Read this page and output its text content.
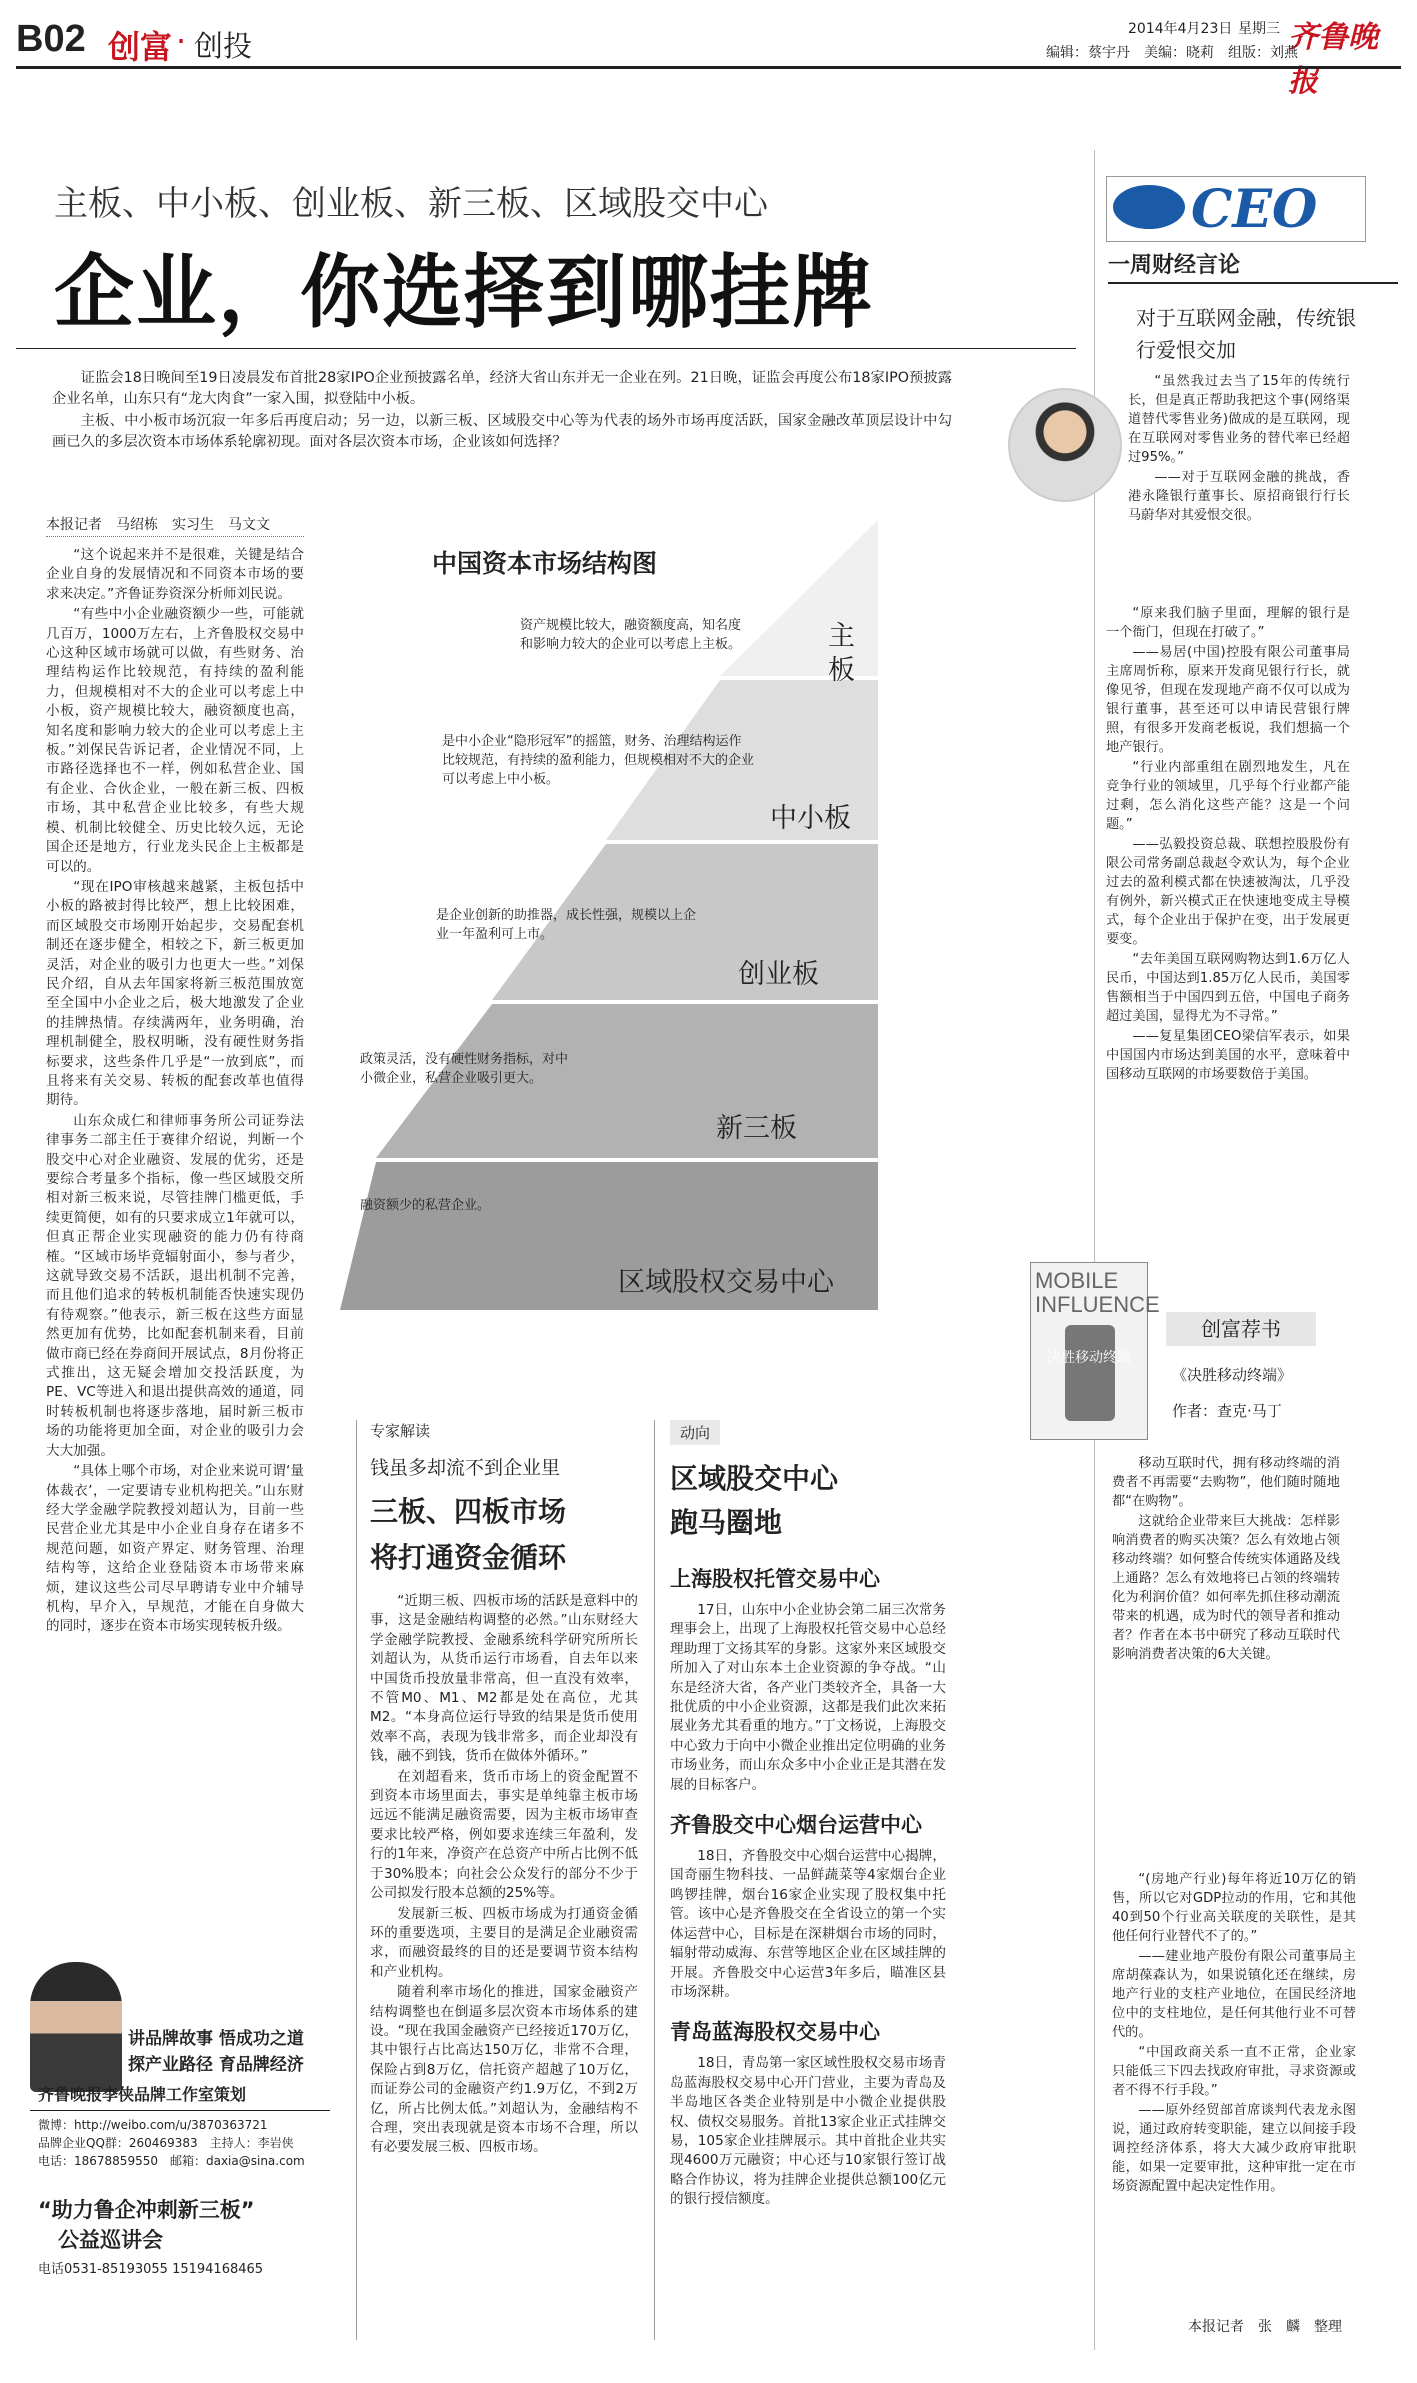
B02 创富 · 创投	2014年4月23日 星期三 齐鲁晚报
编辑：蔡宇丹　美编：晓莉　组版：刘燕
主板、中小板、创业板、新三板、区域股交中心
企业，你选择到哪挂牌

证监会18日晚间至19日凌晨发布首批28家IPO企业预披露名单，经济大省山东并无一企业在列。21日晚，证监会再度公布18家IPO预披露企业名单，山东只有“龙大肉食”一家入围，拟登陆中小板。

主板、中小板市场沉寂一年多后再度启动；另一边，以新三板、区域股交中心等为代表的场外市场再度活跃，国家金融改革顶层设计中勾画已久的多层次资本市场体系轮廓初现。面对各层次资本市场，企业该如何选择？

本报记者　马绍栋　实习生　马文文

“这个说起来并不是很难，关键是结合企业自身的发展情况和不同资本市场的要求来决定。”齐鲁证券资深分析师刘民说。

“有些中小企业融资额少一些，可能就几百万，1000万左右，上齐鲁股权交易中心这种区域市场就可以做，有些财务、治理结构运作比较规范，有持续的盈利能力，但规模相对不大的企业可以考虑上中小板，资产规模比较大，融资额度也高，知名度和影响力较大的企业可以考虑上主板。”刘保民告诉记者，企业情况不同，上市路径选择也不一样，例如私营企业、国有企业、合伙企业，一般在新三板、四板市场，其中私营企业比较多，有些大规模、机制比较健全、历史比较久远，无论国企还是地方，行业龙头民企上主板都是可以的。

“现在IPO审核越来越紧，主板包括中小板的路被封得比较严，想上比较困难，而区域股交市场刚开始起步，交易配套机制还在逐步健全，相较之下，新三板更加灵活，对企业的吸引力也更大一些。”刘保民介绍，自从去年国家将新三板范围放宽至全国中小企业之后，极大地激发了企业的挂牌热情。存续满两年，业务明确，治理机制健全，股权明晰，没有硬性财务指标要求，这些条件几乎是“一放到底”，而且将来有关交易、转板的配套改革也值得期待。

山东众成仁和律师事务所公司证券法律事务二部主任于赛律介绍说，判断一个股交中心对企业融资、发展的优劣，还是要综合考量多个指标，像一些区域股交所相对新三板来说，尽管挂牌门槛更低，手续更简便，如有的只要求成立1年就可以，但真正帮企业实现融资的能力仍有待商榷。“区域市场毕竟辐射面小，参与者少，这就导致交易不活跃，退出机制不完善，而且他们追求的转板机制能否快速实现仍有待观察。”他表示，新三板在这些方面显然更加有优势，比如配套机制来看，目前做市商已经在券商间开展试点，8月份将正式推出，这无疑会增加交投活跃度，为PE、VC等进入和退出提供高效的通道，同时转板机制也将逐步落地，届时新三板市场的功能将更加全面，对企业的吸引力会大大加强。

“具体上哪个市场，对企业来说可谓‘量体裁衣’，一定要请专业机构把关。”山东财经大学金融学院教授刘超认为，目前一些民营企业尤其是中小企业自身存在诸多不规范问题，如资产界定、财务管理、治理结构等，这给企业登陆资本市场带来麻烦，建议这些公司尽早聘请专业中介辅导机构，早介入，早规范，才能在自身做大的同时，逐步在资本市场实现转板升级。

中国资本市场结构图
资产规模比较大，融资额度高，知名度和影响力较大的企业可以考虑上主板。	主板
是中小企业“隐形冠军”的摇篮，财务、治理结构运作比较规范，有持续的盈利能力，但规模相对不大的企业可以考虑上中小板。
中小板
是企业创新的助推器，成长性强，规模以上企业一年盈利可上市。
创业板
政策灵活，没有硬性财务指标，对中小微企业，私营企业吸引更大。
新三板
融资额少的私营企业。
区域股权交易中心
专家解读
钱虽多却流不到企业里
三板、四板市场
将打通资金循环

“近期三板、四板市场的活跃是意料中的事，这是金融结构调整的必然。”山东财经大学金融学院教授、金融系统科学研究所所长刘超认为，从货币运行市场看，自去年以来中国货币投放量非常高，但一直没有效率，不管M0、M1、M2都是处在高位，尤其M2。“本身高位运行导致的结果是货币使用效率不高，表现为钱非常多，而企业却没有钱，融不到钱，货币在做体外循环。”

在刘超看来，货币市场上的资金配置不到资本市场里面去，事实是单纯靠主板市场远远不能满足融资需要，因为主板市场审查要求比较严格，例如要求连续三年盈利，发行的1年来，净资产在总资产中所占比例不低于30%股本；向社会公众发行的部分不少于公司拟发行股本总额的25%等。

发展新三板、四板市场成为打通资金循环的重要选项，主要目的是满足企业融资需求，而融资最终的目的还是要调节资本结构和产业机构。

随着利率市场化的推进，国家金融资产结构调整也在倒逼多层次资本市场体系的建设。“现在我国金融资产已经接近170万亿，其中银行占比高达150万亿，非常不合理，保险占到8万亿，信托资产超越了10万亿，而证券公司的金融资产约1.9万亿，不到2万亿，所占比例太低。”刘超认为，金融结构不合理，突出表现就是资本市场不合理，所以有必要发展三板、四板市场。

动向
区域股交中心
跑马圈地
上海股权托管交易中心

17日，山东中小企业协会第二届三次常务理事会上，出现了上海股权托管交易中心总经理助理丁文扬其军的身影。这家外来区域股交所加入了对山东本土企业资源的争夺战。“山东是经济大省，各产业门类较齐全，具备一大批优质的中小企业资源，这都是我们此次来拓展业务尤其看重的地方。”丁文杨说，上海股交中心致力于向中小微企业推出定位明确的业务市场业务，而山东众多中小企业正是其潜在发展的目标客户。

齐鲁股交中心烟台运营中心

18日，齐鲁股交中心烟台运营中心揭牌，国奇丽生物科技、一品鲜蔬菜等4家烟台企业鸣锣挂牌，烟台16家企业实现了股权集中托管。该中心是齐鲁股交在全省设立的第一个实体运营中心，目标是在深耕烟台市场的同时，辐射带动威海、东营等地区企业在区域挂牌的开展。齐鲁股交中心运营3年多后，瞄准区县市场深耕。

青岛蓝海股权交易中心

18日，青岛第一家区域性股权交易市场青岛蓝海股权交易中心开门营业，主要为青岛及半岛地区各类企业特别是中小微企业提供股权、债权交易服务。首批13家企业正式挂牌交易，105家企业挂牌展示。其中首批企业共实现4600万元融资；中心还与10家银行签订战略合作协议，将为挂牌企业提供总额100亿元的银行授信额度。

CEO
一周财经言论
对于互联网金融，传统银行爱恨交加

“虽然我过去当了15年的传统行长，但是真正帮助我把这个事(网络渠道替代零售业务)做成的是互联网，现在互联网对零售业务的替代率已经超过95%。”

——对于互联网金融的挑战，香港永隆银行董事长、原招商银行行长马蔚华对其爱恨交很。

“原来我们脑子里面，理解的银行是一个衙门，但现在打破了。”

——易居(中国)控股有限公司董事局主席周忻称，原来开发商见银行行长，就像见爷，但现在发现地产商不仅可以成为银行董事，甚至还可以申请民营银行牌照，有很多开发商老板说，我们想搞一个地产银行。

“行业内部重组在剧烈地发生，凡在竞争行业的领域里，几乎每个行业都产能过剩，怎么消化这些产能？这是一个问题。”

——弘毅投资总裁、联想控股股份有限公司常务副总裁赵令欢认为，每个企业过去的盈利模式都在快速被淘汰，几乎没有例外，新兴模式正在快速地变成主导模式，每个企业出于保护在变，出于发展更要变。

“去年美国互联网购物达到1.6万亿人民币，中国达到1.85万亿人民币，美国零售额相当于中国四到五倍，中国电子商务超过美国，显得尤为不寻常。”

——复星集团CEO梁信军表示，如果中国国内市场达到美国的水平，意味着中国移动互联网的市场要数倍于美国。

MOBILE INFLUENCE
决胜移动终端
创富荐书
《决胜移动终端》
作者：查克·马丁

移动互联时代，拥有移动终端的消费者不再需要“去购物”，他们随时随地都“在购物”。

这就给企业带来巨大挑战：怎样影响消费者的购买决策？怎么有效地占领移动终端？如何整合传统实体通路及线上通路？怎么有效地将已占领的终端转化为利润价值？如何率先抓住移动潮流带来的机遇，成为时代的领导者和推动者？作者在本书中研究了移动互联时代影响消费者决策的6大关键。

“(房地产行业)每年将近10万亿的销售，所以它对GDP拉动的作用，它和其他40到50个行业高关联度的关联性，是其他任何行业替代不了的。”

——建业地产股份有限公司董事局主席胡葆森认为，如果说镇化还在继续，房地产行业的支柱产业地位，在国民经济地位中的支柱地位，是任何其他行业不可替代的。

“中国政商关系一直不正常，企业家只能低三下四去找政府审批，寻求资源或者不得不行手段。”

——原外经贸部首席谈判代表龙永图说，通过政府转变职能，建立以间接手段调控经济体系，将大大减少政府审批职能，如果一定要审批，这种审批一定在市场资源配置中起决定性作用。

本报记者　张　麟　整理
讲品牌故事 悟成功之道
探产业路径 育品牌经济
齐鲁晚报李侠品牌工作室策划
微博：http://weibo.com/u/3870363721
品牌企业QQ群：260469383　主持人：李岩侠
电话：18678859550　邮箱：daxia@sina.com
“助力鲁企冲刺新三板”
公益巡讲会
电话0531-85193055 15194168465
